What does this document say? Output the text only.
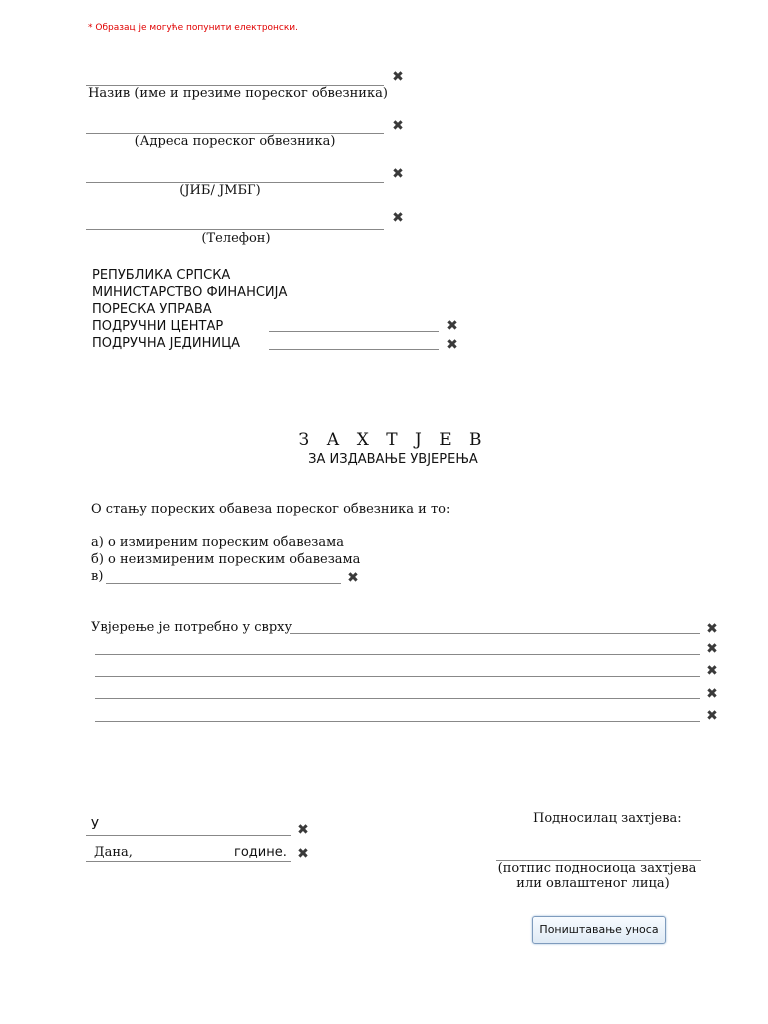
* Образац је могуће попунити електронски.
✖
Назив (име и презиме пореског обвезника)
✖
(Адреса пореског обвезника)
✖
(ЈИБ/ ЈМБГ)
✖
(Телефон)
РЕПУБЛИКА СРПСКА
МИНИСТАРСТВО ФИНАНСИЈА
ПОРЕСКА УПРАВА
ПОДРУЧНИ ЦЕНТАР	✖
ПОДРУЧНА ЈЕДИНИЦА	✖
З А Х Т Ј Е В
ЗА ИЗДАВАЊЕ УВЈЕРЕЊА
О стању пореских обавеза пореског обвезника и то:
а) о измиреним пореским обавезама
б) о неизмиреним пореским обавезама
в)	✖
Увјерење је потребно у сврху	✖
✖
✖
✖
✖
У	✖
Дана,	године. ✖
Подносилац захтјева:
(потпис подносиоца захтјева
или овлаштеног лица)
Поништавање уноса
